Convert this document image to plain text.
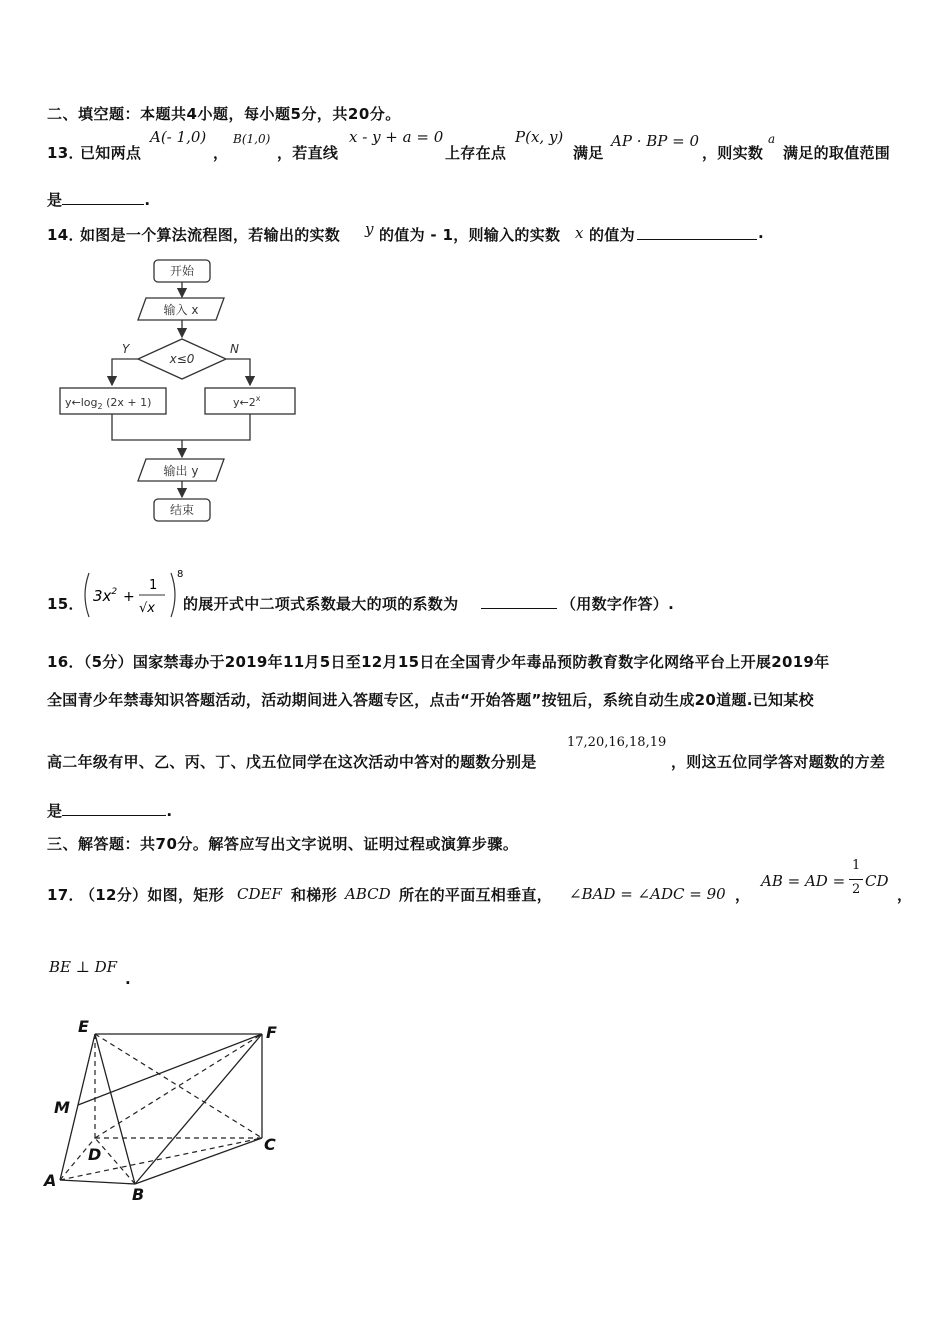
二、填空题：本题共4小题，每小题5分，共20分。
13．
已知两点
A(- 1,0)
，
B(1,0)
，若直线
x - y + a = 0
上存在点
P(x, y)
满足
AP · BP = 0
，则实数
a
满足的取值范围
是	.
14．
如图是一个算法流程图，若输出的实数 y 的值为 - 1，则输入的实数 x 的值为	.
开始
输入 x
x≤0
Y	N
$y\leftarrow\log_2$ (2x + 1)	y←2$^x$
输出 y
结束
15． $3x^2$ +
1
√x
8
的展开式中二项式系数最大的项的系数为	（用数字作答）.
16．（5分）国家禁毒办于2019年11月5日至12月15日在全国青少年毒品预防教育数字化网络平台上开展2019年
全国青少年禁毒知识答题活动，活动期间进入答题专区，点击“开始答题”按钮后，系统自动生成20道题.已知某校
高二年级有甲、乙、丙、丁、戊五位同学在这次活动中答对的题数分别是
17,20,16,18,19
，则这五位同学答对题数的方差
是	.
三、解答题：共70分。解答应写出文字说明、证明过程或演算步骤。
17．
（12分）如图，矩形 CDEF 和梯形 ABCD 所在的平面互相垂直， ∠BAD = ∠ADC = 90 ，
AB = AD =
1
2 CD
，
BE ⊥ DF
.
E	F
M
D
C
A
B
